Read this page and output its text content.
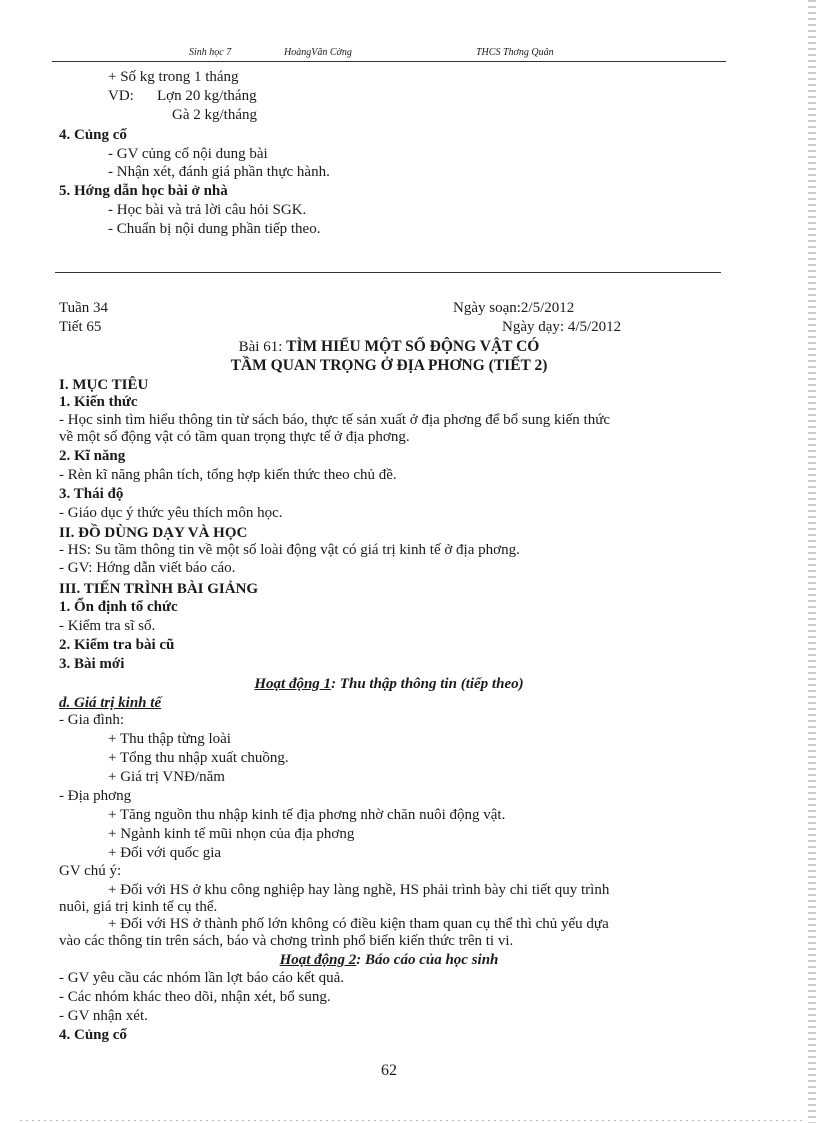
Sinh học 7	HoàngVăn Cờng	THCS Thơng Quân
+ Số kg trong 1 tháng
VD: Lợn 20 kg/tháng
Gà 2 kg/tháng
4. Củng cố
- GV củng cố nội dung bài
- Nhận xét, đánh giá phần thực hành.
5. Hớng dẫn học bài ở nhà
- Học bài và trả lời câu hỏi SGK.
- Chuẩn bị nội dung phần tiếp theo.
Tuần 34	Ngày soạn:2/5/2012
Tiết 65	Ngày dạy: 4/5/2012
Bài 61: TÌM HIỂU MỘT SỐ ĐỘNG VẬT CÓ
TẦM QUAN TRỌNG Ở ĐỊA PHƠNG (TIẾT 2)
I. MỤC TIÊU
1. Kiến thức
- Học sinh tìm hiểu thông tin từ sách báo, thực tế sản xuất ở địa phơng để bổ sung kiến thức
về một số động vật có tầm quan trọng thực tế ở địa phơng.
2. Kĩ năng
- Rèn kĩ năng phân tích, tổng hợp kiến thức theo chủ đề.
3. Thái độ
- Giáo dục ý thức yêu thích môn học.
II. ĐỒ DÙNG DẠY VÀ HỌC
- HS: Su tầm thông tin về một số loài động vật có giá trị kinh tế ở địa phơng.
- GV: Hớng dẫn viết báo cáo.
III. TIẾN TRÌNH BÀI GIẢNG
1. Ổn định tổ chức
- Kiểm tra sĩ số.
2. Kiểm tra bài cũ
3. Bài mới
Hoạt động 1: Thu thập thông tin (tiếp theo)
d. Giá trị kinh tế
- Gia đình:
+ Thu thập từng loài
+ Tổng thu nhập xuất chuồng.
+ Giá trị VNĐ/năm
- Địa phơng
+ Tăng nguồn thu nhập kinh tế địa phơng nhờ chăn nuôi động vật.
+ Ngành kinh tế mũi nhọn của địa phơng
+ Đối với quốc gia
GV chú ý:
+ Đối với HS ở khu công nghiệp hay làng nghề, HS phải trình bày chi tiết quy trình
nuôi, giá trị kinh tế cụ thể.
+ Đối với HS ở thành phố lớn không có điều kiện tham quan cụ thể thì chủ yếu dựa
vào các thông tin trên sách, báo và chơng trình phổ biến kiến thức trên ti vi.
Hoạt động 2: Báo cáo của học sinh
- GV yêu cầu các nhóm lần lợt báo cáo kết quả.
- Các nhóm khác theo dõi, nhận xét, bổ sung.
- GV nhận xét.
4. Củng cố
62
